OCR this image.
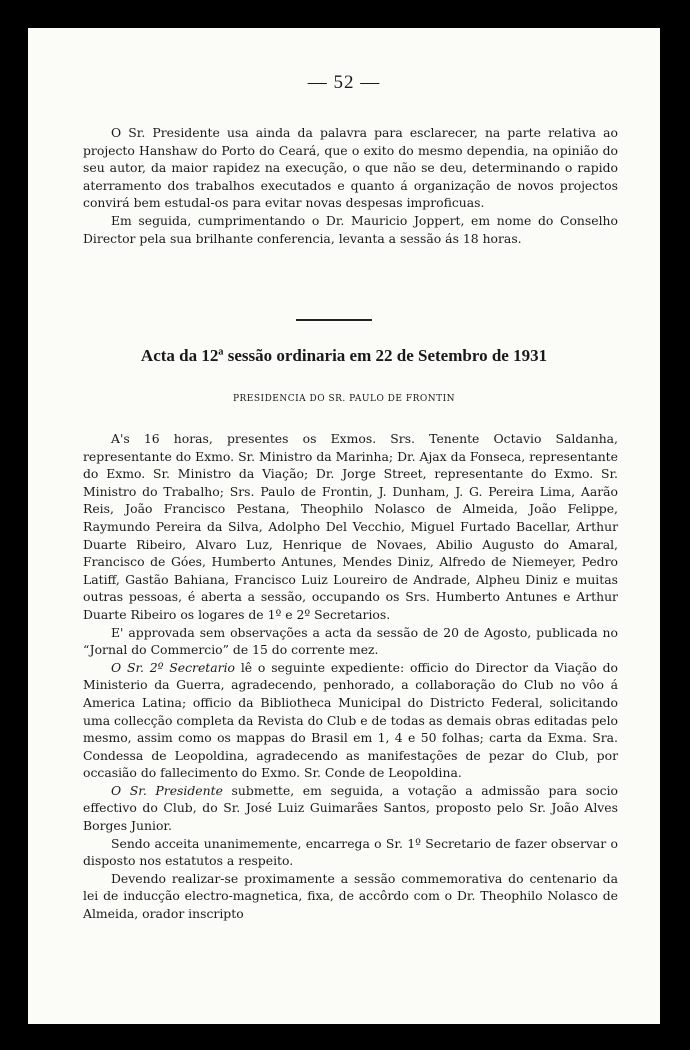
— 52 —

O Sr. Presidente usa ainda da palavra para esclarecer, na parte relativa ao projecto Hanshaw do Porto do Ceará, que o exito do mesmo dependia, na opinião do seu autor, da maior rapidez na execução, o que não se deu, determinando o rapido aterramento dos trabalhos executados e quanto á organização de novos projectos convirá bem estudal-os para evitar novas despesas improficuas.

Em seguida, cumprimentando o Dr. Mauricio Joppert, em nome do Conselho Director pela sua brilhante conferencia, levanta a sessão ás 18 horas.

Acta da 12ª sessão ordinaria em 22 de Setembro de 1931
PRESIDENCIA DO SR. PAULO DE FRONTIN

A's 16 horas, presentes os Exmos. Srs. Tenente Octavio Saldanha, representante do Exmo. Sr. Ministro da Marinha; Dr. Ajax da Fonseca, representante do Exmo. Sr. Ministro da Viação; Dr. Jorge Street, representante do Exmo. Sr. Ministro do Trabalho; Srs. Paulo de Frontin, J. Dunham, J. G. Pereira Lima, Aarão Reis, João Francisco Pestana, Theophilo Nolasco de Almeida, João Felippe, Raymundo Pereira da Silva, Adolpho Del Vecchio, Miguel Furtado Bacellar, Arthur Duarte Ribeiro, Alvaro Luz, Henrique de Novaes, Abilio Augusto do Amaral, Francisco de Góes, Humberto Antunes, Mendes Diniz, Alfredo de Niemeyer, Pedro Latiff, Gastão Bahiana, Francisco Luiz Loureiro de Andrade, Alpheu Diniz e muitas outras pessoas, é aberta a sessão, occupando os Srs. Humberto Antunes e Arthur Duarte Ribeiro os logares de 1º e 2º Secretarios.

E' approvada sem observações a acta da sessão de 20 de Agosto, publicada no “Jornal do Commercio” de 15 do corrente mez.

O Sr. 2º Secretario lê o seguinte expediente: officio do Director da Viação do Ministerio da Guerra, agradecendo, penhorado, a collaboração do Club no vôo á America Latina; officio da Bibliotheca Municipal do Districto Federal, solicitando uma collecção completa da Revista do Club e de todas as demais obras editadas pelo mesmo, assim como os mappas do Brasil em 1, 4 e 50 folhas; carta da Exma. Sra. Condessa de Leopoldina, agradecendo as manifestações de pezar do Club, por occasião do fallecimento do Exmo. Sr. Conde de Leopoldina.

O Sr. Presidente submette, em seguida, a votação a admissão para socio effectivo do Club, do Sr. José Luiz Guimarães Santos, proposto pelo Sr. João Alves Borges Junior.

Sendo acceita unanimemente, encarrega o Sr. 1º Secretario de fazer observar o disposto nos estatutos a respeito.

Devendo realizar-se proximamente a sessão commemorativa do centenario da lei de inducção electro-magnetica, fixa, de accôrdo com o Dr. Theophilo Nolasco de Almeida, orador inscripto
